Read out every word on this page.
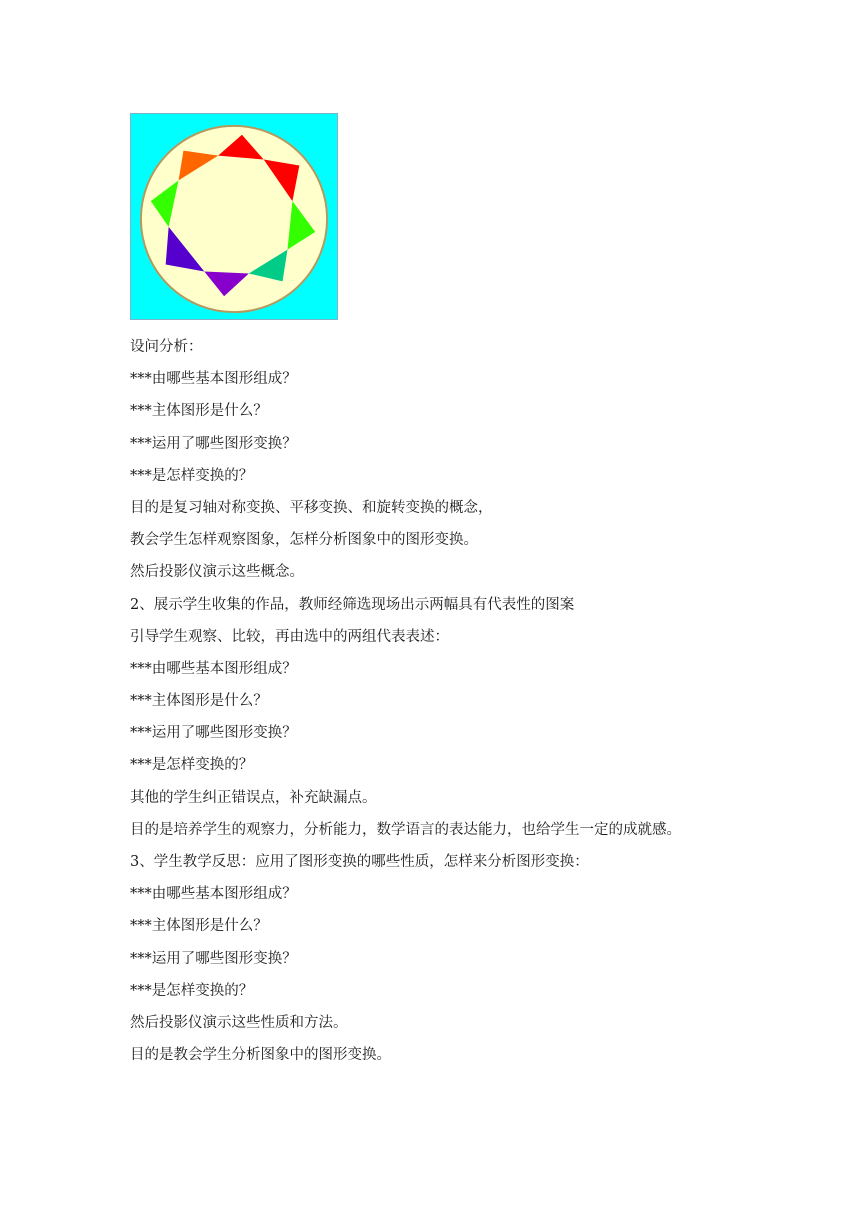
设问分析：
***由哪些基本图形组成？
***主体图形是什么？
***运用了哪些图形变换？
***是怎样变换的？
目的是复习轴对称变换、平移变换、和旋转变换的概念，
教会学生怎样观察图象，怎样分析图象中的图形变换。
然后投影仪演示这些概念。
2、展示学生收集的作品，教师经筛选现场出示两幅具有代表性的图案
引导学生观察、比较，再由选中的两组代表表述：
***由哪些基本图形组成？
***主体图形是什么？
***运用了哪些图形变换？
***是怎样变换的？
其他的学生纠正错误点，补充缺漏点。
目的是培养学生的观察力，分析能力，数学语言的表达能力，也给学生一定的成就感。
3、学生教学反思：应用了图形变换的哪些性质，怎样来分析图形变换：
***由哪些基本图形组成？
***主体图形是什么？
***运用了哪些图形变换？
***是怎样变换的？
然后投影仪演示这些性质和方法。
目的是教会学生分析图象中的图形变换。
